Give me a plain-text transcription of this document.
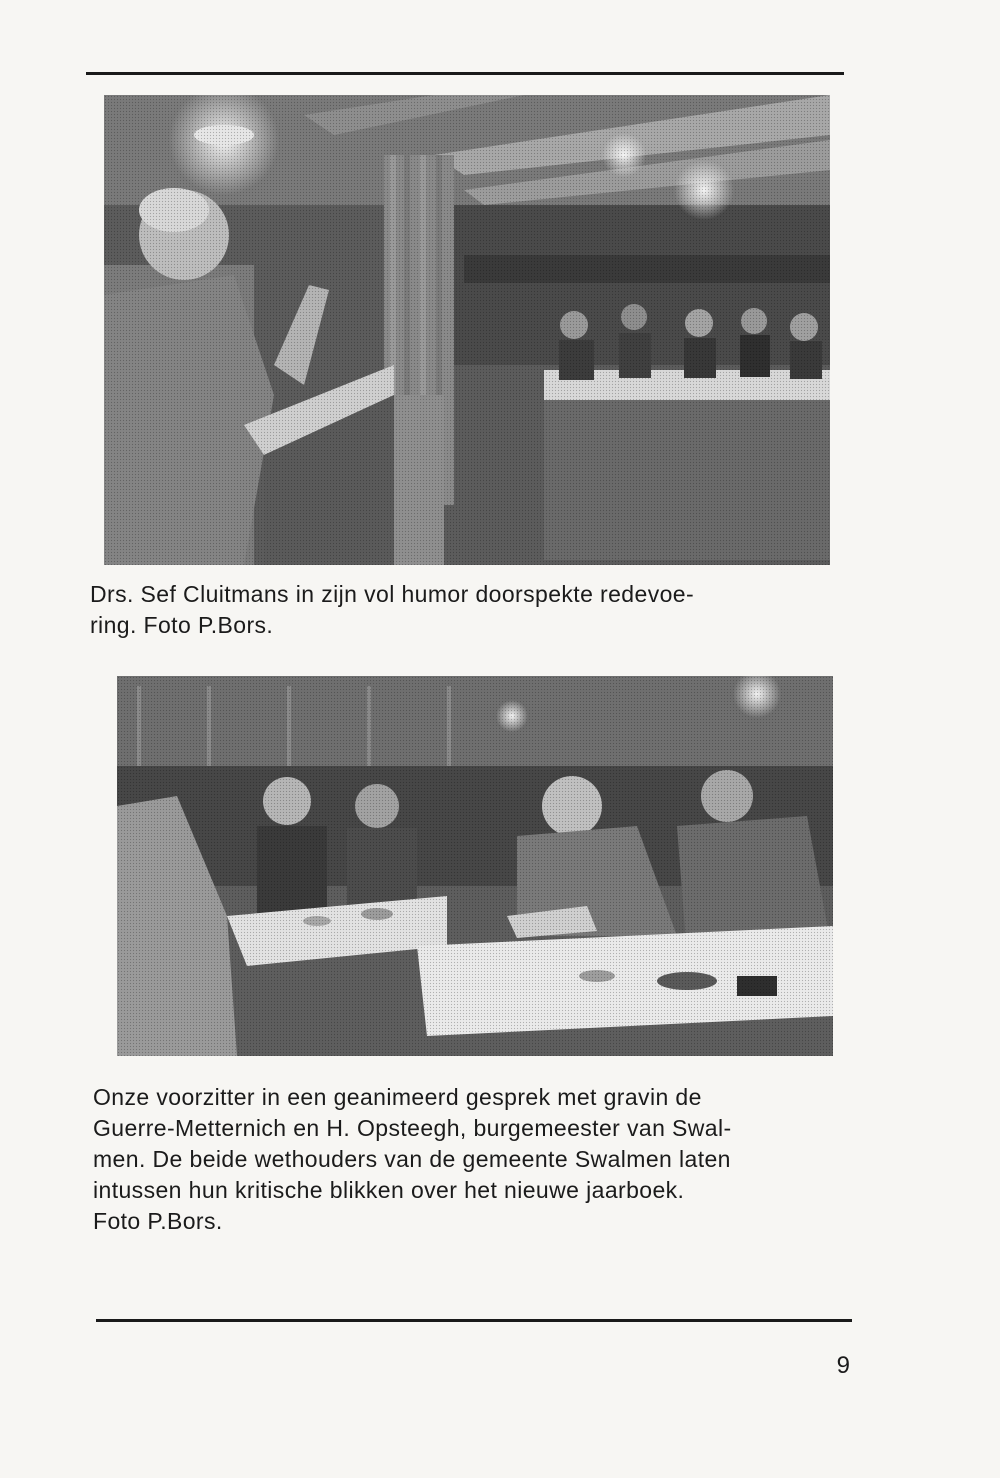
Drs. Sef Cluitmans in zijn vol humor doorspekte redevoe-
ring. Foto P.Bors.

Onze voorzitter in een geanimeerd gesprek met gravin de
Guerre-Metternich en H. Opsteegh, burgemeester van Swal-
men. De beide wethouders van de gemeente Swalmen laten
intussen hun kritische blikken over het nieuwe jaarboek.
Foto P.Bors.

9
